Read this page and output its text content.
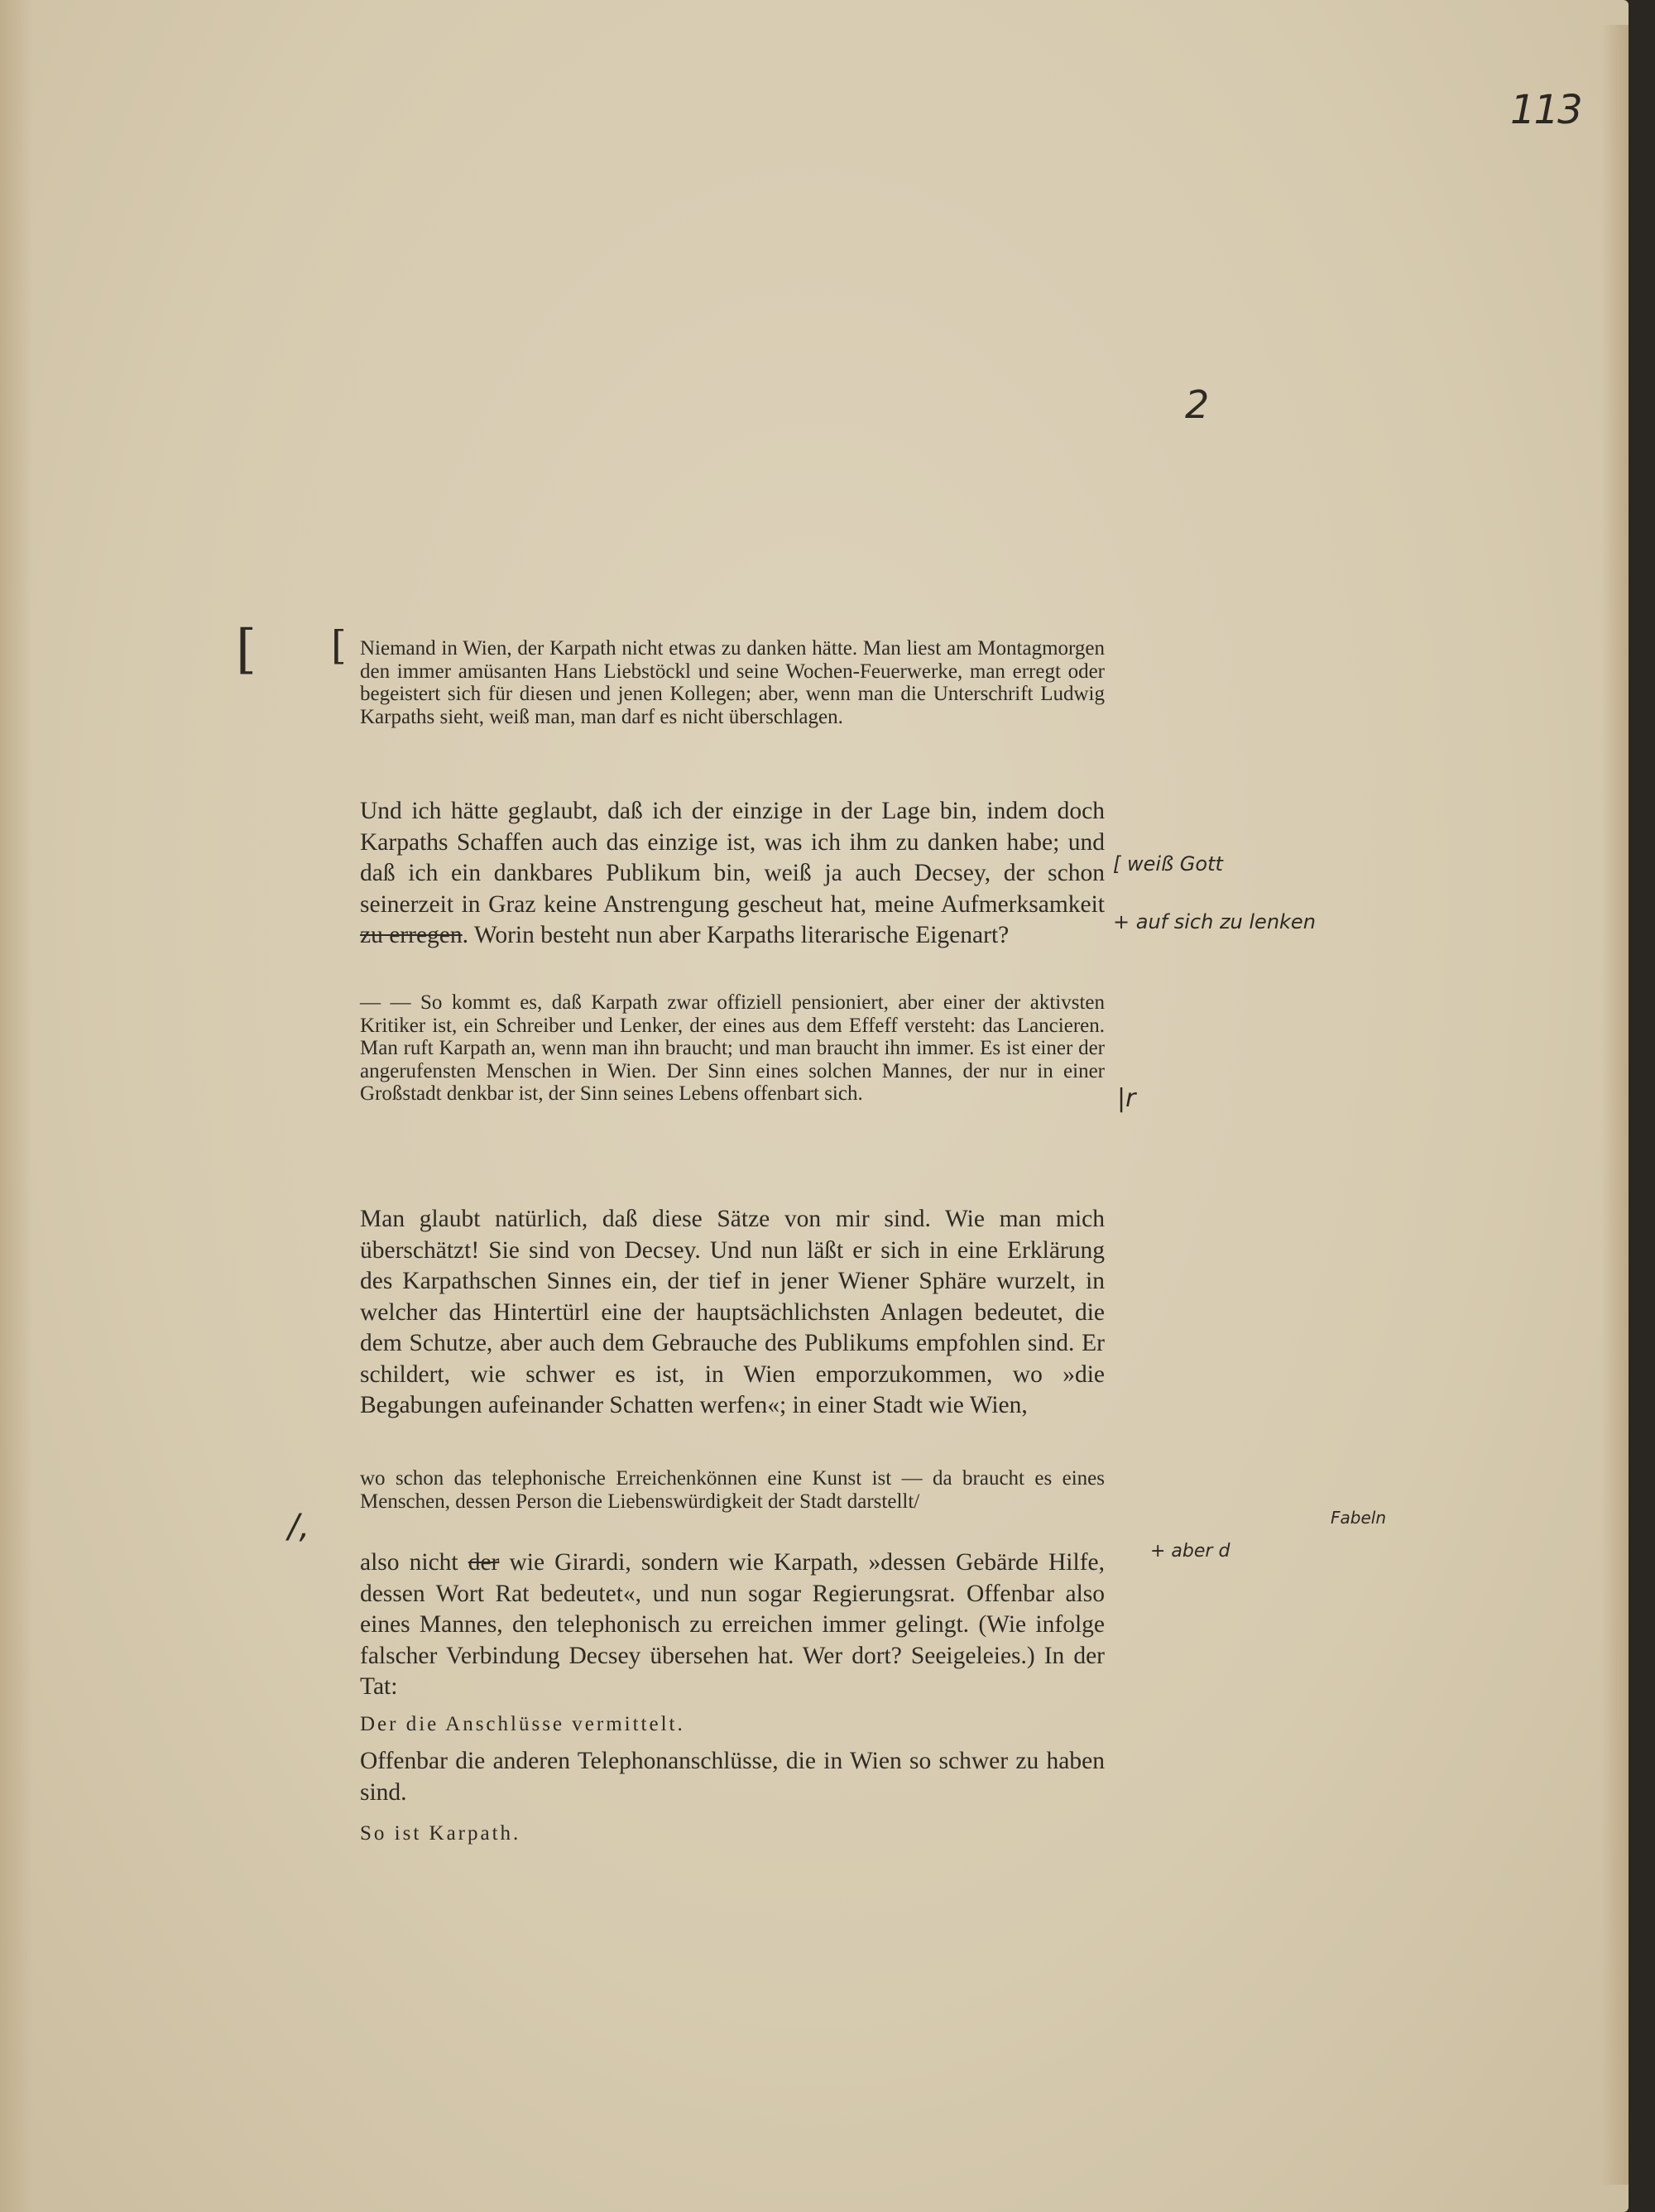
113
2
[ [
[ weiß Gott
+ auf sich zu lenken
|r
/,
+ aber d
Fabeln
Niemand in Wien, der Karpath nicht etwas zu danken hätte. Man liest am Montagmorgen den immer amüsanten Hans Liebstöckl und seine Wochen-Feuerwerke, man erregt oder begeistert sich für diesen und jenen Kollegen; aber, wenn man die Unterschrift Ludwig Karpaths sieht, weiß man, man darf es nicht überschlagen.
Und ich hätte geglaubt, daß ich der einzige in der Lage bin, indem doch Karpaths Schaffen auch das einzige ist, was ich ihm zu danken habe; und daß ich ein dankbares Publikum bin, weiß ja auch Decsey, der schon seinerzeit in Graz keine Anstrengung gescheut hat, meine Aufmerksamkeit zu erregen. Worin besteht nun aber Karpaths literarische Eigenart?
— — So kommt es, daß Karpath zwar offiziell pensioniert, aber einer der aktivsten Kritiker ist, ein Schreiber und Lenker, der eines aus dem Effeff versteht: das Lancieren. Man ruft Karpath an, wenn man ihn braucht; und man braucht ihn immer. Es ist einer der angerufensten Menschen in Wien. Der Sinn eines solchen Mannes, der nur in einer Großstadt denkbar ist, der Sinn seines Lebens offenbart sich.
Man glaubt natürlich, daß diese Sätze von mir sind. Wie man mich überschätzt! Sie sind von Decsey. Und nun läßt er sich in eine Erklärung des Karpathschen Sinnes ein, der tief in jener Wiener Sphäre wurzelt, in welcher das Hintertürl eine der hauptsächlichsten Anlagen bedeutet, die dem Schutze, aber auch dem Gebrauche des Publikums empfohlen sind. Er schildert, wie schwer es ist, in Wien emporzukommen, wo »die Begabungen aufeinander Schatten werfen«; in einer Stadt wie Wien,
wo schon das telephonische Erreichenkönnen eine Kunst ist — da braucht es eines Menschen, dessen Person die Liebenswürdigkeit der Stadt darstellt/
also nicht der wie Girardi, sondern wie Karpath, »dessen Gebärde Hilfe, dessen Wort Rat bedeutet«, und nun sogar Regierungsrat. Offenbar also eines Mannes, den telephonisch zu erreichen immer gelingt. (Wie infolge falscher Verbindung Decsey übersehen hat. Wer dort? Seeigeleies.) In der Tat:
Der die Anschlüsse vermittelt.
Offenbar die anderen Telephonanschlüsse, die in Wien so schwer zu haben sind.
So ist Karpath.
